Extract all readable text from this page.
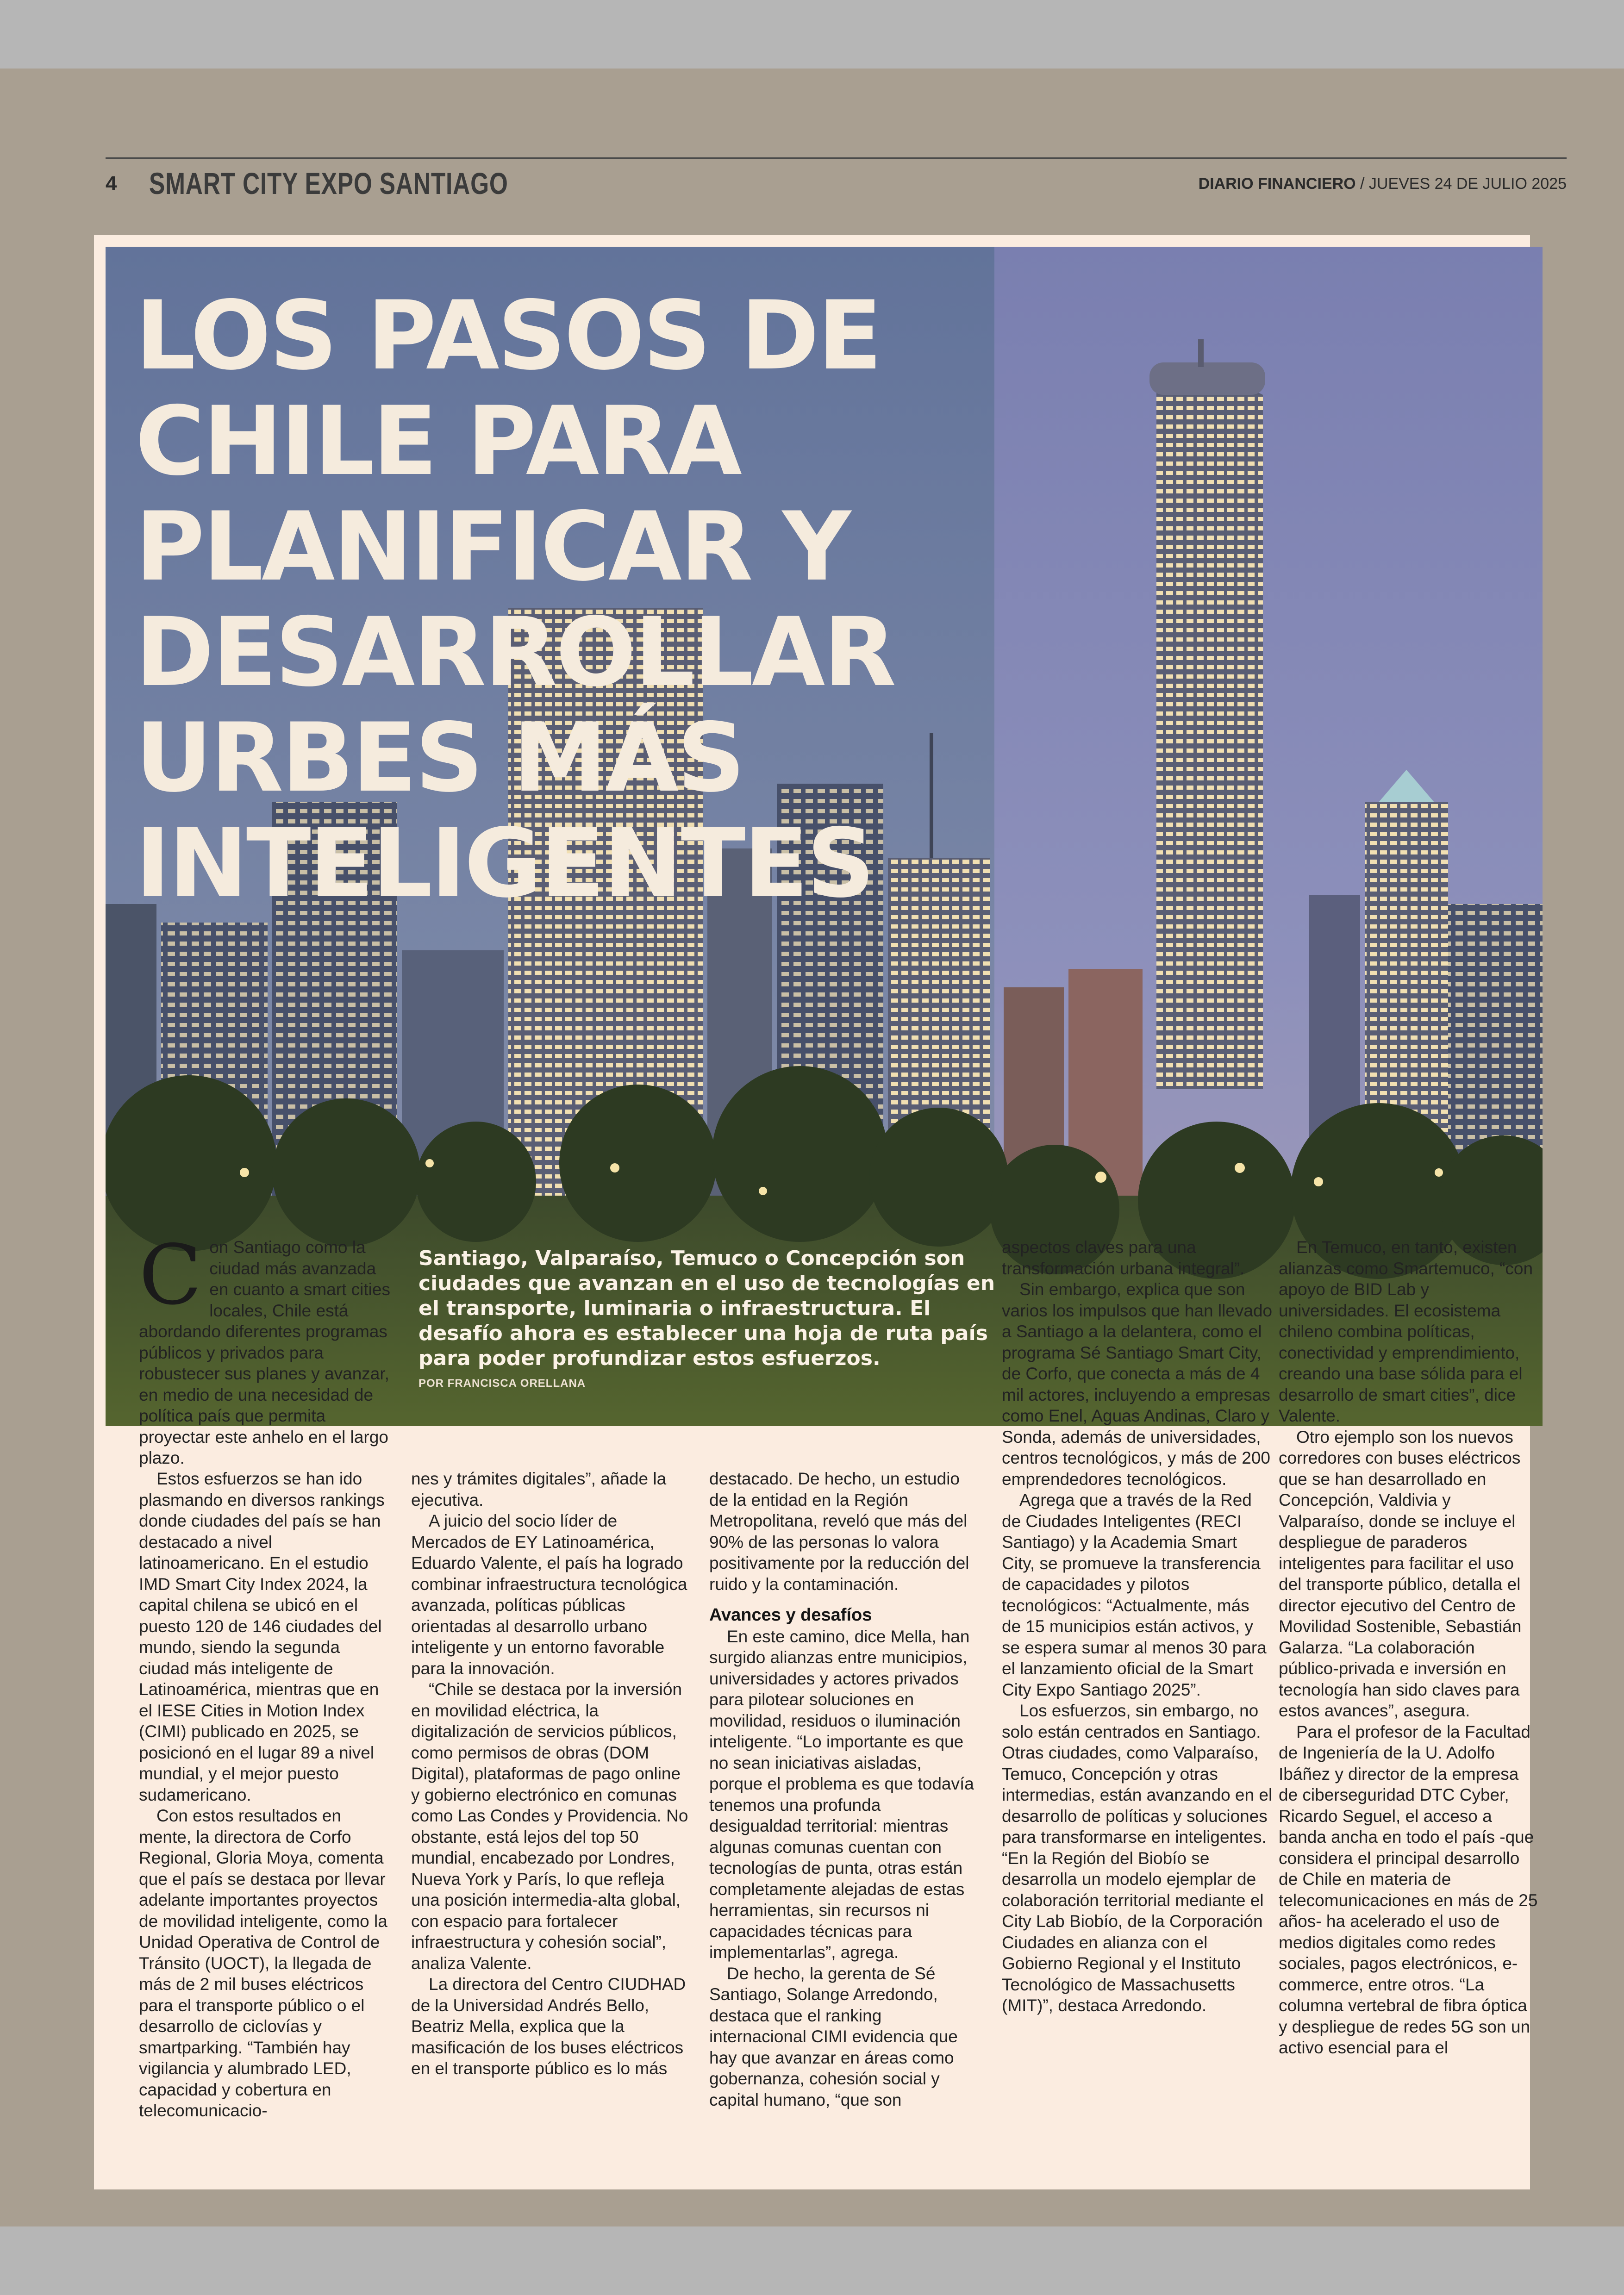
4 SMART CITY EXPO SANTIAGO	DIARIO FINANCIERO / JUEVES 24 DE JULIO 2025
LOS PASOS DE CHILE PARA PLANIFICAR Y DESARROLLAR URBES MÁS INTELIGENTES

Santiago, Valparaíso, Temuco o Concepción son ciudades que avanzan en el uso de tecnologías en el transporte, luminaria o infraestructura. El desafío ahora es establecer una hoja de ruta país para poder profundizar estos esfuerzos.

POR FRANCISCA ORELLANA
C on Santiago como la ciudad más avanzada en cuanto a smart cities locales, Chile está abordando diferentes programas públicos y privados para robustecer sus planes y avanzar, en medio de una necesidad de política país que permita proyectar este anhelo en el largo plazo.

Estos esfuerzos se han ido plasmando en diversos rankings donde ciudades del país se han destacado a nivel latinoamericano. En el estudio IMD Smart City Index 2024, la capital chilena se ubicó en el puesto 120 de 146 ciudades del mundo, siendo la segunda ciudad más inteligente de Latinoamérica, mientras que en el IESE Cities in Motion Index (CIMI) publicado en 2025, se posicionó en el lugar 89 a nivel mundial, y el mejor puesto sudamericano.

Con estos resultados en mente, la directora de Corfo Regional, Gloria Moya, comenta que el país se destaca por llevar adelante importantes proyectos de movilidad inteligente, como la Unidad Operativa de Control de Tránsito (UOCT), la llegada de más de 2 mil buses eléctricos para el transporte público o el desarrollo de ciclovías y smartparking. “También hay vigilancia y alumbrado LED, capacidad y cobertura en telecomunicacio-

nes y trámites digitales”, añade la ejecutiva.

A juicio del socio líder de Mercados de EY Latinoamérica, Eduardo Valente, el país ha logrado combinar infraestructura tecnológica avanzada, políticas públicas orientadas al desarrollo urbano inteligente y un entorno favorable para la innovación.

“Chile se destaca por la inversión en movilidad eléctrica, la digitalización de servicios públicos, como permisos de obras (DOM Digital), plataformas de pago online y gobierno electrónico en comunas como Las Condes y Providencia. No obstante, está lejos del top 50 mundial, encabezado por Londres, Nueva York y París, lo que refleja una posición intermedia-alta global, con espacio para fortalecer infraestructura y cohesión social”, analiza Valente.

La directora del Centro CIUDHAD de la Universidad Andrés Bello, Beatriz Mella, explica que la masificación de los buses eléctricos en el transporte público es lo más

destacado. De hecho, un estudio de la entidad en la Región Metropolitana, reveló que más del 90% de las personas lo valora positivamente por la reducción del ruido y la contaminación.

Avances y desafíos

En este camino, dice Mella, han surgido alianzas entre municipios, universidades y actores privados para pilotear soluciones en movilidad, residuos o iluminación inteligente. “Lo importante es que no sean iniciativas aisladas, porque el problema es que todavía tenemos una profunda desigualdad territorial: mientras algunas comunas cuentan con tecnologías de punta, otras están completamente alejadas de estas herramientas, sin recursos ni capacidades técnicas para implementarlas”, agrega.

De hecho, la gerenta de Sé Santiago, Solange Arredondo, destaca que el ranking internacional CIMI evidencia que hay que avanzar en áreas como gobernanza, cohesión social y capital humano, “que son

aspectos claves para una transformación urbana integral”.

Sin embargo, explica que son varios los impulsos que han llevado a Santiago a la delantera, como el programa Sé Santiago Smart City, de Corfo, que conecta a más de 4 mil actores, incluyendo a empresas como Enel, Aguas Andinas, Claro y Sonda, además de universidades, centros tecnológicos, y más de 200 emprendedores tecnológicos.

Agrega que a través de la Red de Ciudades Inteligentes (RECI Santiago) y la Academia Smart City, se promueve la transferencia de capacidades y pilotos tecnológicos: “Actualmente, más de 15 municipios están activos, y se espera sumar al menos 30 para el lanzamiento oficial de la Smart City Expo Santiago 2025”.

Los esfuerzos, sin embargo, no solo están centrados en Santiago. Otras ciudades, como Valparaíso, Temuco, Concepción y otras intermedias, están avanzando en el desarrollo de políticas y soluciones para transformarse en inteligentes. “En la Región del Biobío se desarrolla un modelo ejemplar de colaboración territorial mediante el City Lab Biobío, de la Corporación Ciudades en alianza con el Gobierno Regional y el Instituto Tecnológico de Massachusetts (MIT)”, destaca Arredondo.

En Temuco, en tanto, existen alianzas como Smartemuco, “con apoyo de BID Lab y universidades. El ecosistema chileno combina políticas, conectividad y emprendimiento, creando una base sólida para el desarrollo de smart cities”, dice Valente.

Otro ejemplo son los nuevos corredores con buses eléctricos que se han desarrollado en Concepción, Valdivia y Valparaíso, donde se incluye el despliegue de paraderos inteligentes para facilitar el uso del transporte público, detalla el director ejecutivo del Centro de Movilidad Sostenible, Sebastián Galarza. “La colaboración público-privada e inversión en tecnología han sido claves para estos avances”, asegura.

Para el profesor de la Facultad de Ingeniería de la U. Adolfo Ibáñez y director de la empresa de ciberseguridad DTC Cyber, Ricardo Seguel, el acceso a banda ancha en todo el país -que considera el principal desarrollo de Chile en materia de telecomunicaciones en más de 25 años- ha acelerado el uso de medios digitales como redes sociales, pagos electrónicos, e-commerce, entre otros. “La columna vertebral de fibra óptica y despliegue de redes 5G son un activo esencial para el
